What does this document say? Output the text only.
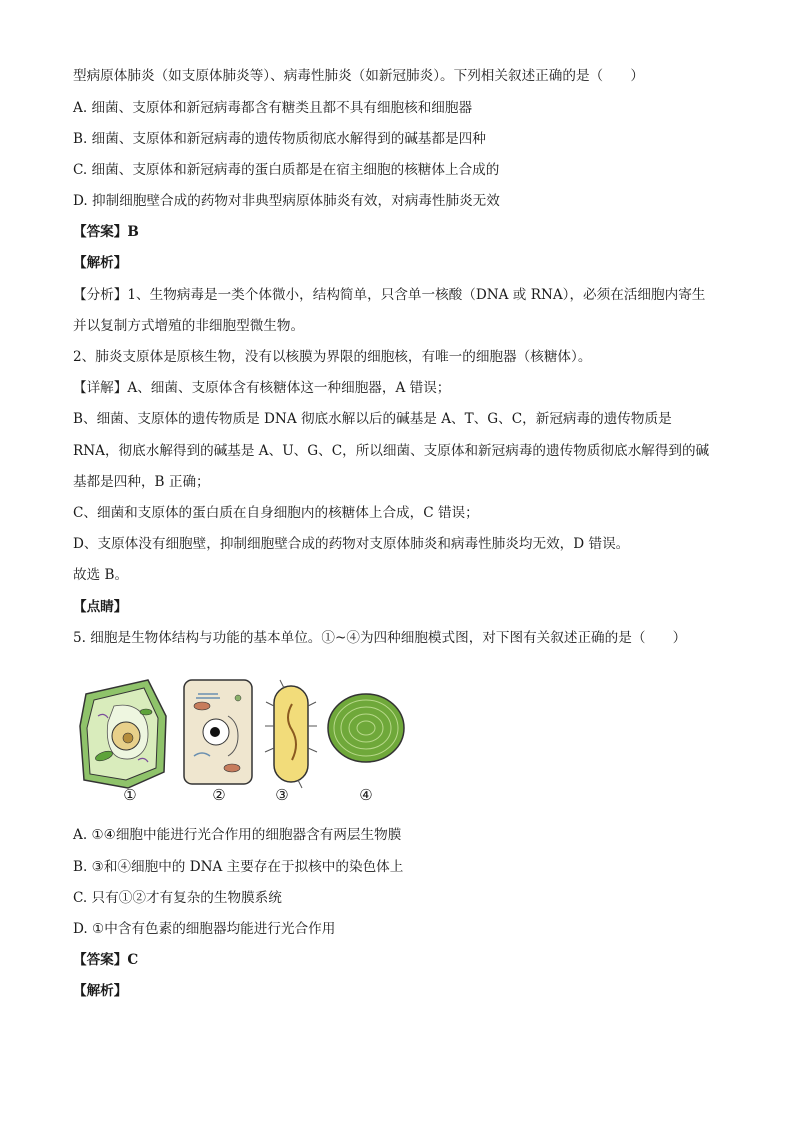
型病原体肺炎（如支原体肺炎等）、病毒性肺炎（如新冠肺炎）。下列相关叙述正确的是（　　）
A. 细菌、支原体和新冠病毒都含有糖类且都不具有细胞核和细胞器
B. 细菌、支原体和新冠病毒的遗传物质彻底水解得到的碱基都是四种
C. 细菌、支原体和新冠病毒的蛋白质都是在宿主细胞的核糖体上合成的
D. 抑制细胞壁合成的药物对非典型病原体肺炎有效，对病毒性肺炎无效
【答案】B
【解析】
【分析】1、生物病毒是一类个体微小，结构简单，只含单一核酸（DNA 或 RNA），必须在活细胞内寄生
并以复制方式增殖的非细胞型微生物。
2、肺炎支原体是原核生物，没有以核膜为界限的细胞核，有唯一的细胞器（核糖体）。
【详解】A、细菌、支原体含有核糖体这一种细胞器，A 错误；
B、细菌、支原体的遗传物质是 DNA 彻底水解以后的碱基是 A、T、G、C，新冠病毒的遗传物质是
RNA，彻底水解得到的碱基是 A、U、G、C，所以细菌、支原体和新冠病毒的遗传物质彻底水解得到的碱
基都是四种，B 正确；
C、细菌和支原体的蛋白质在自身细胞内的核糖体上合成，C 错误；
D、支原体没有细胞壁，抑制细胞壁合成的药物对支原体肺炎和病毒性肺炎均无效，D 错误。
故选 B。
【点睛】
5. 细胞是生物体结构与功能的基本单位。①~④为四种细胞模式图，对下图有关叙述正确的是（　　）
①	②	③	④
A. ①④细胞中能进行光合作用的细胞器含有两层生物膜
B. ③和④细胞中的 DNA 主要存在于拟核中的染色体上
C. 只有①②才有复杂的生物膜系统
D. ①中含有色素的细胞器均能进行光合作用
【答案】C
【解析】
